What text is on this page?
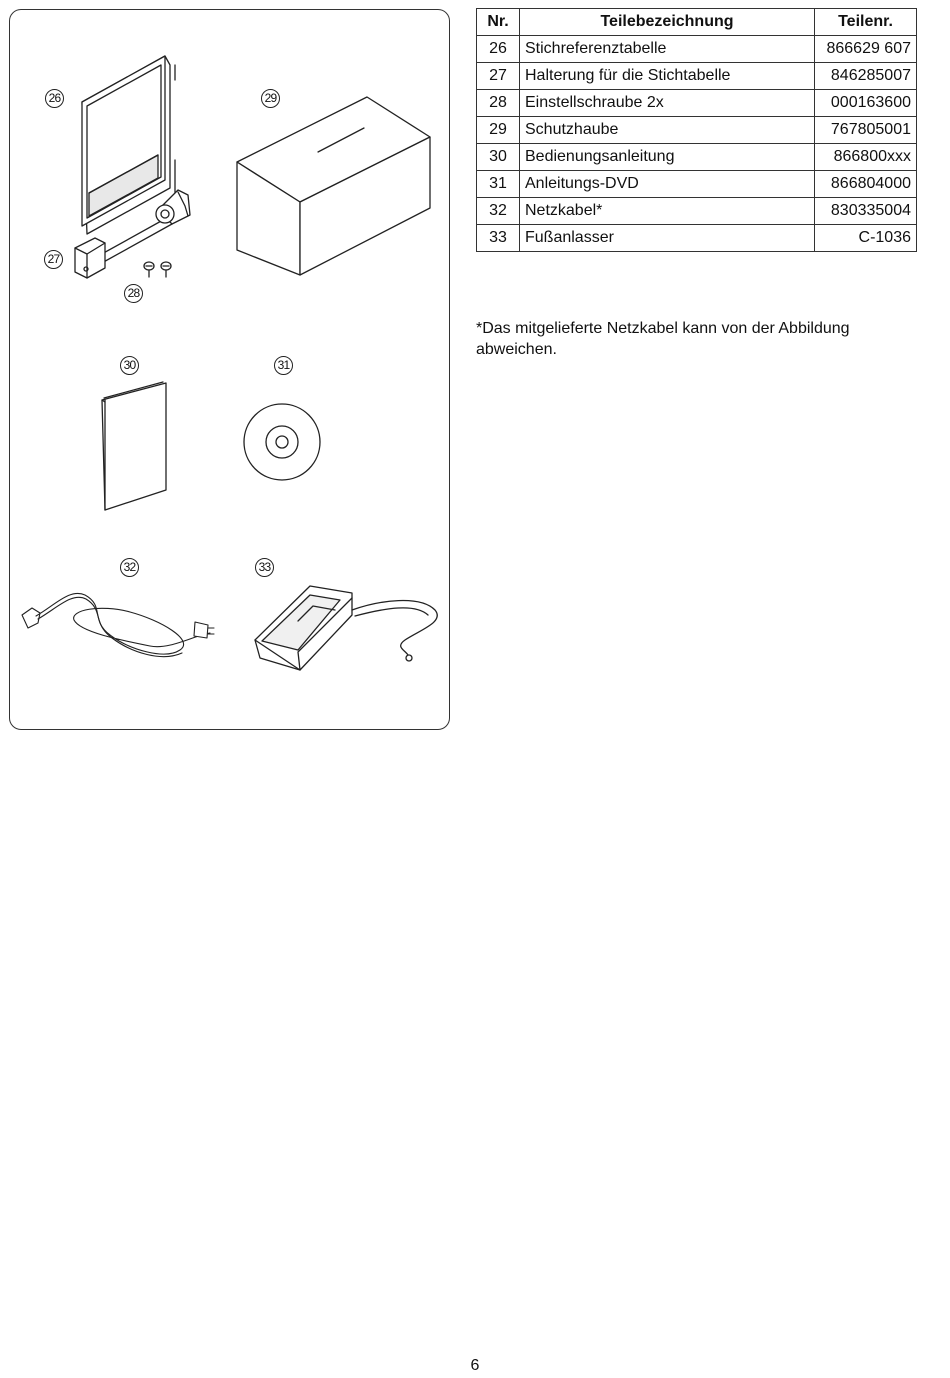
26	29
27
28
30	31
32	33
Nr.	Teilebezeichnung	Teilenr.
26	Stichreferenztabelle	866629 607
27	Halterung für die Stichtabelle	846285007
28	Einstellschraube 2x	000163600
29	Schutzhaube	767805001
30	Bedienungsanleitung	866800xxx
31	Anleitungs-DVD	866804000
32	Netzkabel*	830335004
33	Fußanlasser	C-1036
*Das mitgelieferte Netzkabel kann von der Abbildung abweichen.
6
